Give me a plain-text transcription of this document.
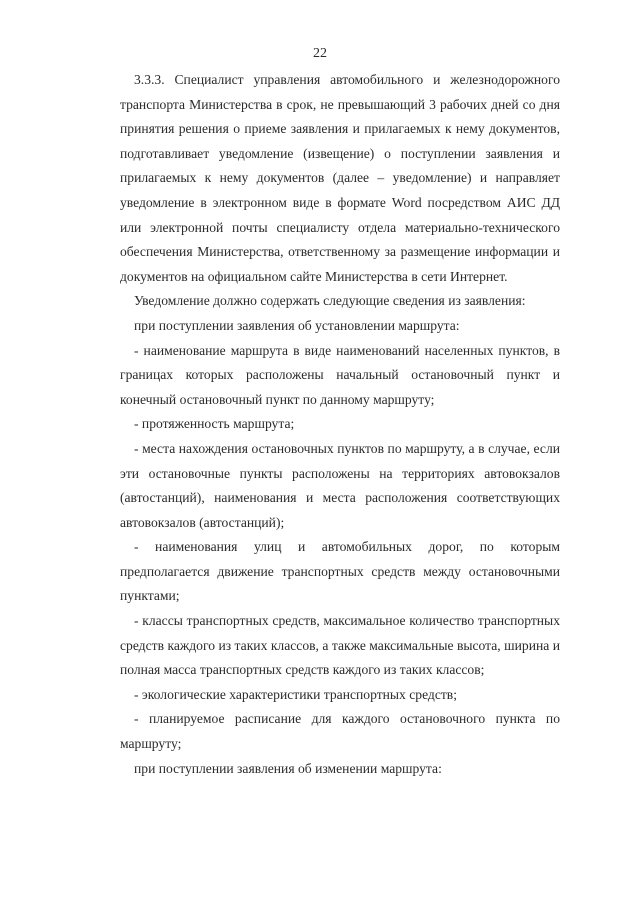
22

3.3.3. Специалист управления автомобильного и железнодорожного транспорта Министерства в срок, не превышающий 3 рабочих дней со дня принятия решения о приеме заявления и прилагаемых к нему документов, подготавливает уведомление (извещение) о поступлении заявления и прилагаемых к нему документов (далее – уведомление) и направляет уведомление в электронном виде в формате Word посредством АИС ДД или электронной почты специалисту отдела материально-технического обеспечения Министерства, ответственному за размещение информации и документов на официальном сайте Министерства в сети Интернет.

Уведомление должно содержать следующие сведения из заявления:

при поступлении заявления об установлении маршрута:

- наименование маршрута в виде наименований населенных пунктов, в границах которых расположены начальный остановочный пункт и конечный остановочный пункт по данному маршруту;

- протяженность маршрута;

- места нахождения остановочных пунктов по маршруту, а в случае, если эти остановочные пункты расположены на территориях автовокзалов (автостанций), наименования и места расположения соответствующих автовокзалов (автостанций);

- наименования улиц и автомобильных дорог, по которым предполагается движение транспортных средств между остановочными пунктами;

- классы транспортных средств, максимальное количество транспортных средств каждого из таких классов, а также максимальные высота, ширина и полная масса транспортных средств каждого из таких классов;

- экологические характеристики транспортных средств;

- планируемое расписание для каждого остановочного пункта по маршруту;

при поступлении заявления об изменении маршрута:
